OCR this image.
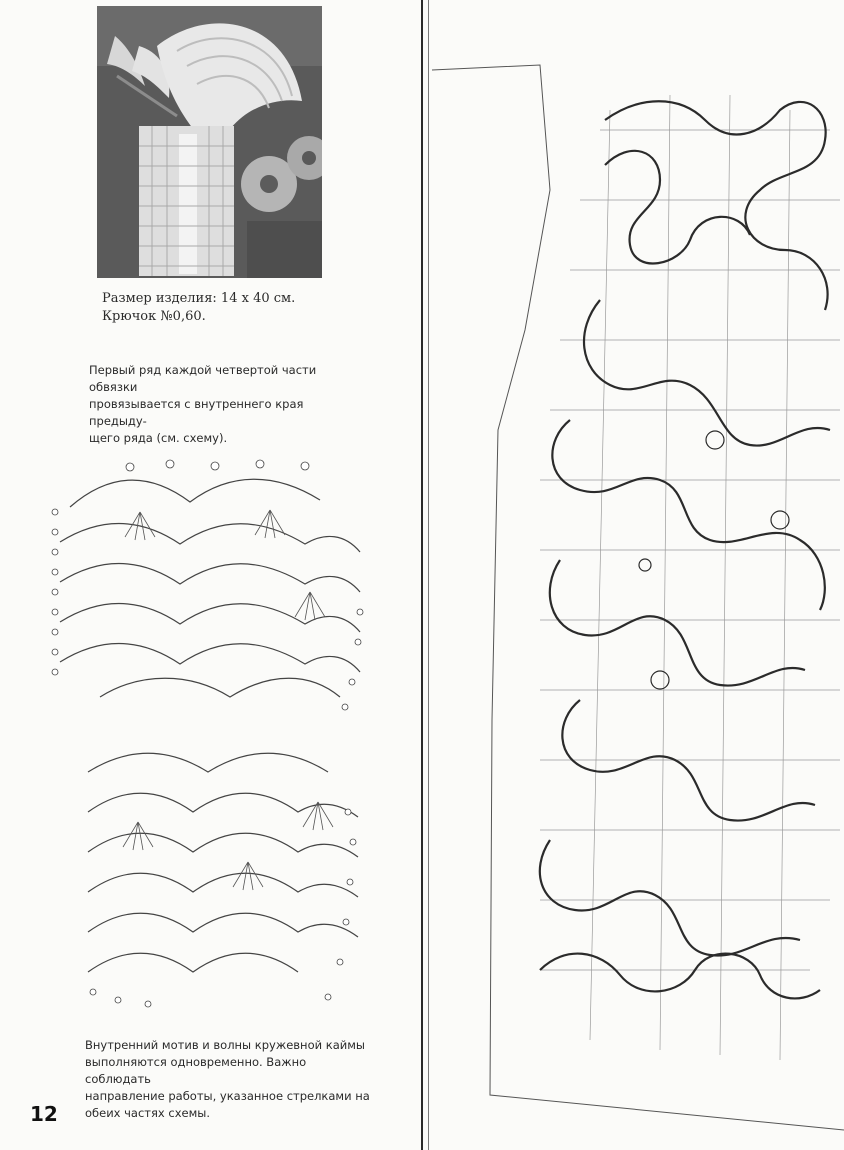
Размер изделия: 14 х 40 см.
Крючок №0,60.
Первый ряд каждой четвертой части обвязки
провязывается с внутреннего края предыду-
щего ряда (см. схему).
Внутренний мотив и волны кружевной каймы
выполняются одновременно. Важно соблюдать
направление работы, указанное стрелками на
обеих частях схемы.
12
